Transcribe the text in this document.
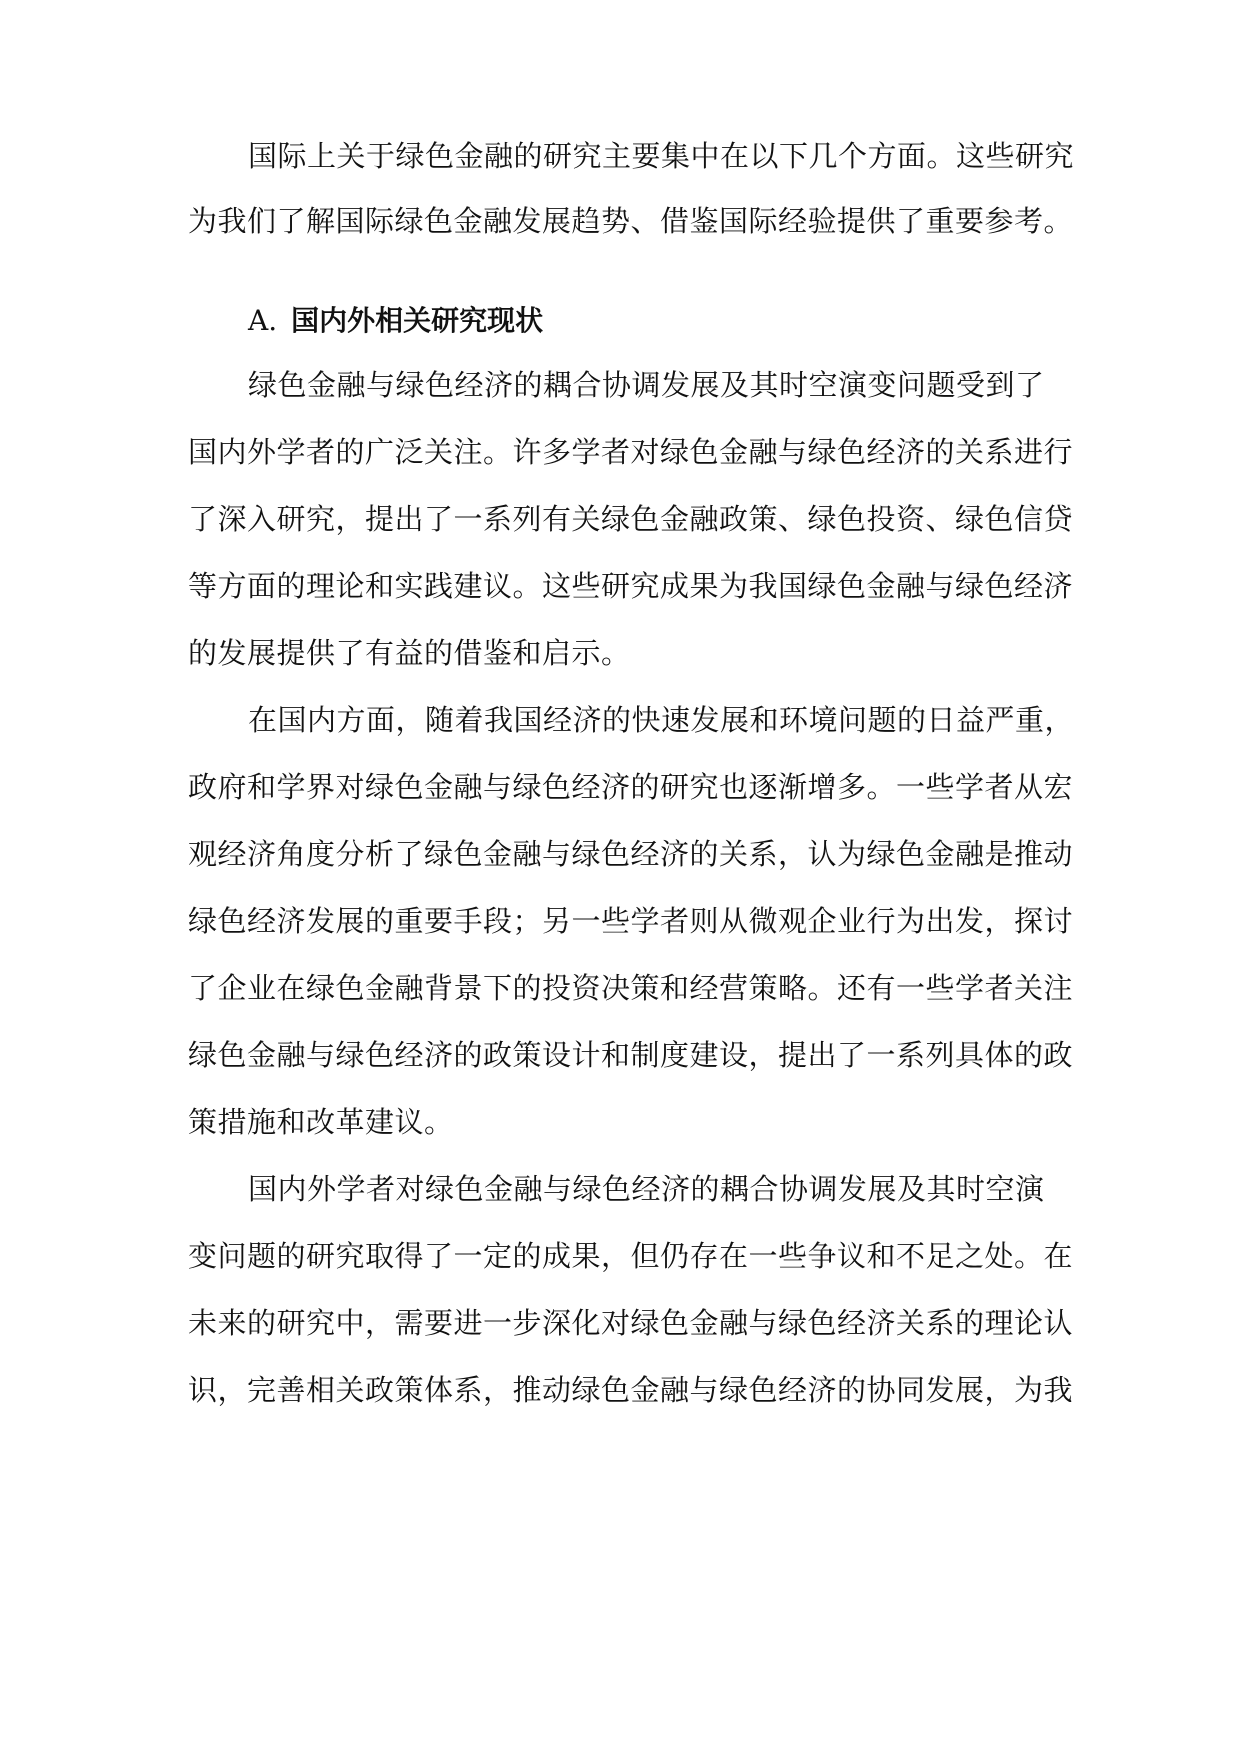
国际上关于绿色金融的研究主要集中在以下几个方面。这些研究
为我们了解国际绿色金融发展趋势、借鉴国际经验提供了重要参考。
A. 国内外相关研究现状
绿色金融与绿色经济的耦合协调发展及其时空演变问题受到了
国内外学者的广泛关注。许多学者对绿色金融与绿色经济的关系进行
了深入研究，提出了一系列有关绿色金融政策、绿色投资、绿色信贷
等方面的理论和实践建议。这些研究成果为我国绿色金融与绿色经济
的发展提供了有益的借鉴和启示。
在国内方面，随着我国经济的快速发展和环境问题的日益严重，
政府和学界对绿色金融与绿色经济的研究也逐渐增多。一些学者从宏
观经济角度分析了绿色金融与绿色经济的关系，认为绿色金融是推动
绿色经济发展的重要手段；另一些学者则从微观企业行为出发，探讨
了企业在绿色金融背景下的投资决策和经营策略。还有一些学者关注
绿色金融与绿色经济的政策设计和制度建设，提出了一系列具体的政
策措施和改革建议。
国内外学者对绿色金融与绿色经济的耦合协调发展及其时空演
变问题的研究取得了一定的成果，但仍存在一些争议和不足之处。在
未来的研究中，需要进一步深化对绿色金融与绿色经济关系的理论认
识，完善相关政策体系，推动绿色金融与绿色经济的协同发展，为我
